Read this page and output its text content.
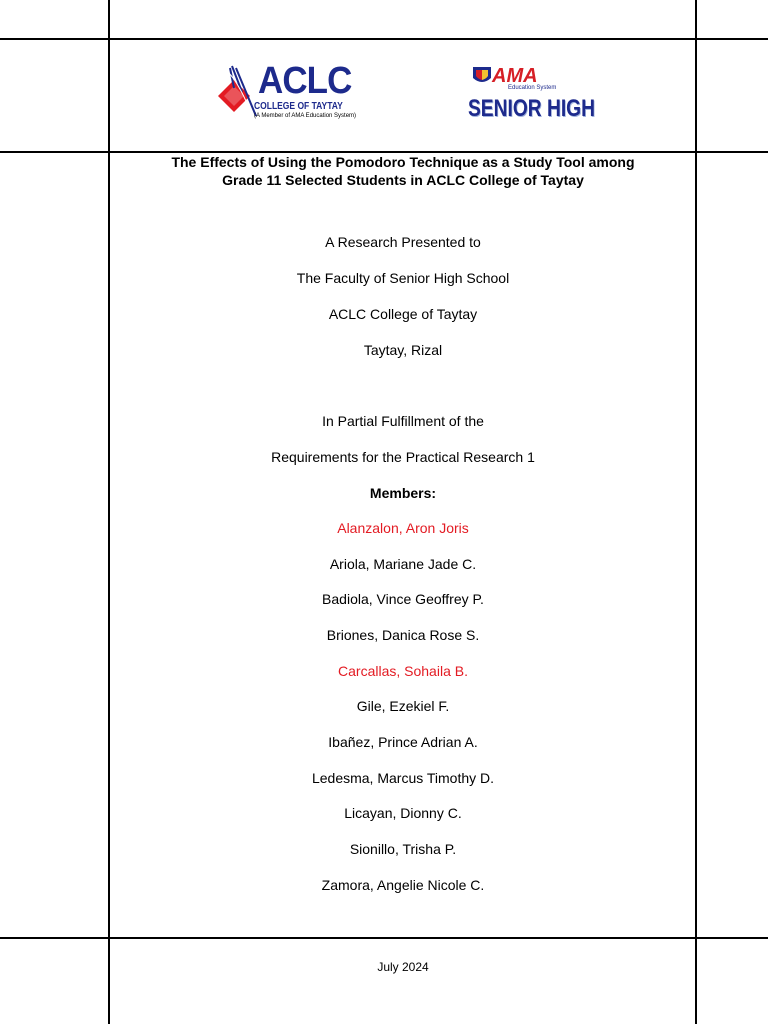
ACLC
COLLEGE OF TAYTAY
(A Member of AMA Education System)
AMA
Education System
SENIOR HIGH
The Effects of Using the Pomodoro Technique as a Study Tool among
Grade 11 Selected Students in ACLC College of Taytay
A Research Presented to
The Faculty of Senior High School
ACLC College of Taytay
Taytay, Rizal
In Partial Fulfillment of the
Requirements for the Practical Research 1
Members:
Alanzalon, Aron Joris
Ariola, Mariane Jade C.
Badiola, Vince Geoffrey P.
Briones, Danica Rose S.
Carcallas, Sohaila B.
Gile, Ezekiel F.
Ibañez, Prince Adrian A.
Ledesma, Marcus Timothy D.
Licayan, Dionny C.
Sionillo, Trisha P.
Zamora, Angelie Nicole C.
July 2024
